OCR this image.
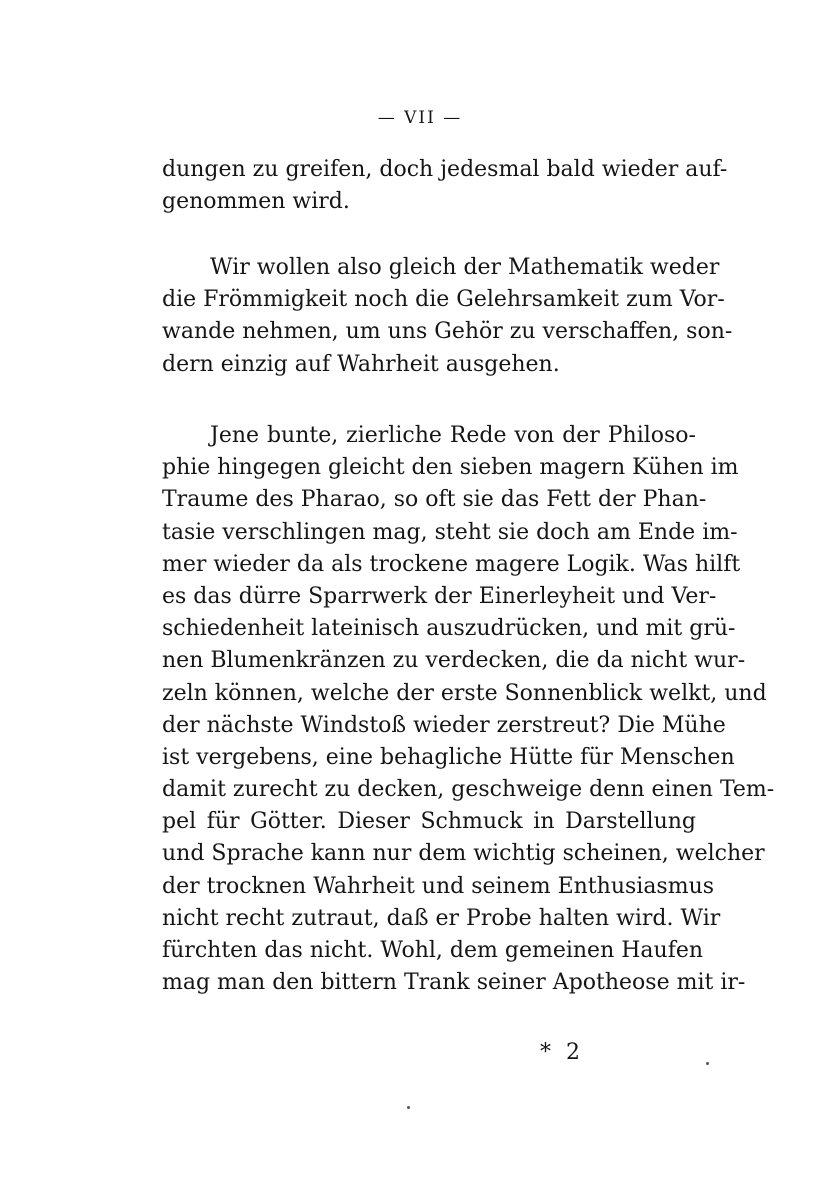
— VII —
dungen zu greifen, doch jedesmal bald wieder auf-
genommen wird.
Wir wollen also gleich der Mathematik weder
die Frömmigkeit noch die Gelehrsamkeit zum Vor-
wande nehmen, um uns Gehör zu verschaffen, son-
dern einzig auf Wahrheit ausgehen.
Jene bunte, zierliche Rede von der Philoso-
phie hingegen gleicht den sieben magern Kühen im
Traume des Pharao, so oft sie das Fett der Phan-
tasie verschlingen mag, steht sie doch am Ende im-
mer wieder da als trockene magere Logik. Was hilft
es das dürre Sparrwerk der Einerleyheit und Ver-
schiedenheit lateinisch auszudrücken, und mit grü-
nen Blumenkränzen zu verdecken, die da nicht wur-
zeln können, welche der erste Sonnenblick welkt, und
der nächste Windstoß wieder zerstreut? Die Mühe
ist vergebens, eine behagliche Hütte für Menschen
damit zurecht zu decken, geschweige denn einen Tem-
pel für Götter. Dieser Schmuck in Darstellung
und Sprache kann nur dem wichtig scheinen, welcher
der trocknen Wahrheit und seinem Enthusiasmus
nicht recht zutraut, daß er Probe halten wird. Wir
fürchten das nicht. Wohl, dem gemeinen Haufen
mag man den bittern Trank seiner Apotheose mit ir-
* 2
